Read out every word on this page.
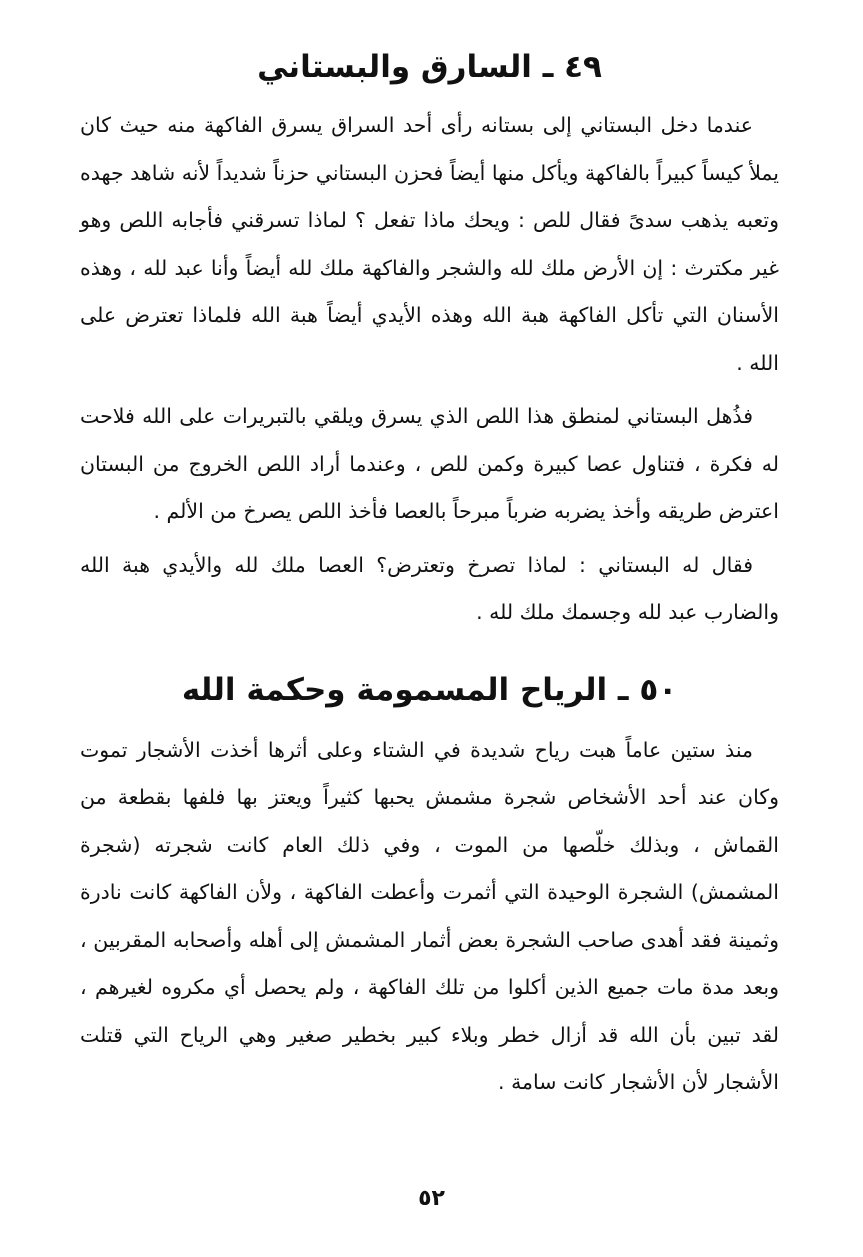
٤٩ ـ السارق والبستاني

عندما دخل البستاني إلى بستانه رأى أحد السراق يسرق الفاكهة منه حيث كان يملأ كيساً كبيراً بالفاكهة ويأكل منها أيضاً فحزن البستاني حزناً شديداً لأنه شاهد جهده وتعبه يذهب سدىً فقال للص : ويحك ماذا تفعل ؟ لماذا تسرقني فأجابه اللص وهو غير مكترث : إن الأرض ملك لله والشجر والفاكهة ملك لله أيضاً وأنا عبد لله ، وهذه الأسنان التي تأكل الفاكهة هبة الله وهذه الأيدي أيضاً هبة الله فلماذا تعترض على الله .

فذُهل البستاني لمنطق هذا اللص الذي يسرق ويلقي بالتبريرات على الله فلاحت له فكرة ، فتناول عصا كبيرة وكمن للص ، وعندما أراد اللص الخروج من البستان اعترض طريقه وأخذ يضربه ضرباً مبرحاً بالعصا فأخذ اللص يصرخ من الألم .

فقال له البستاني : لماذا تصرخ وتعترض؟ العصا ملك لله والأيدي هبة الله والضارب عبد لله وجسمك ملك لله .

٥٠ ـ الرياح المسمومة وحكمة الله

منذ ستين عاماً هبت رياح شديدة في الشتاء وعلى أثرها أخذت الأشجار تموت وكان عند أحد الأشخاص شجرة مشمش يحبها كثيراً ويعتز بها فلفها بقطعة من القماش ، وبذلك خلّصها من الموت ، وفي ذلك العام كانت شجرته (شجرة المشمش) الشجرة الوحيدة التي أثمرت وأعطت الفاكهة ، ولأن الفاكهة كانت نادرة وثمينة فقد أهدى صاحب الشجرة بعض أثمار المشمش إلى أهله وأصحابه المقربين ، وبعد مدة مات جميع الذين أكلوا من تلك الفاكهة ، ولم يحصل أي مكروه لغيرهم ، لقد تبين بأن الله قد أزال خطر وبلاء كبير بخطير صغير وهي الرياح التي قتلت الأشجار لأن الأشجار كانت سامة .

٥٢
